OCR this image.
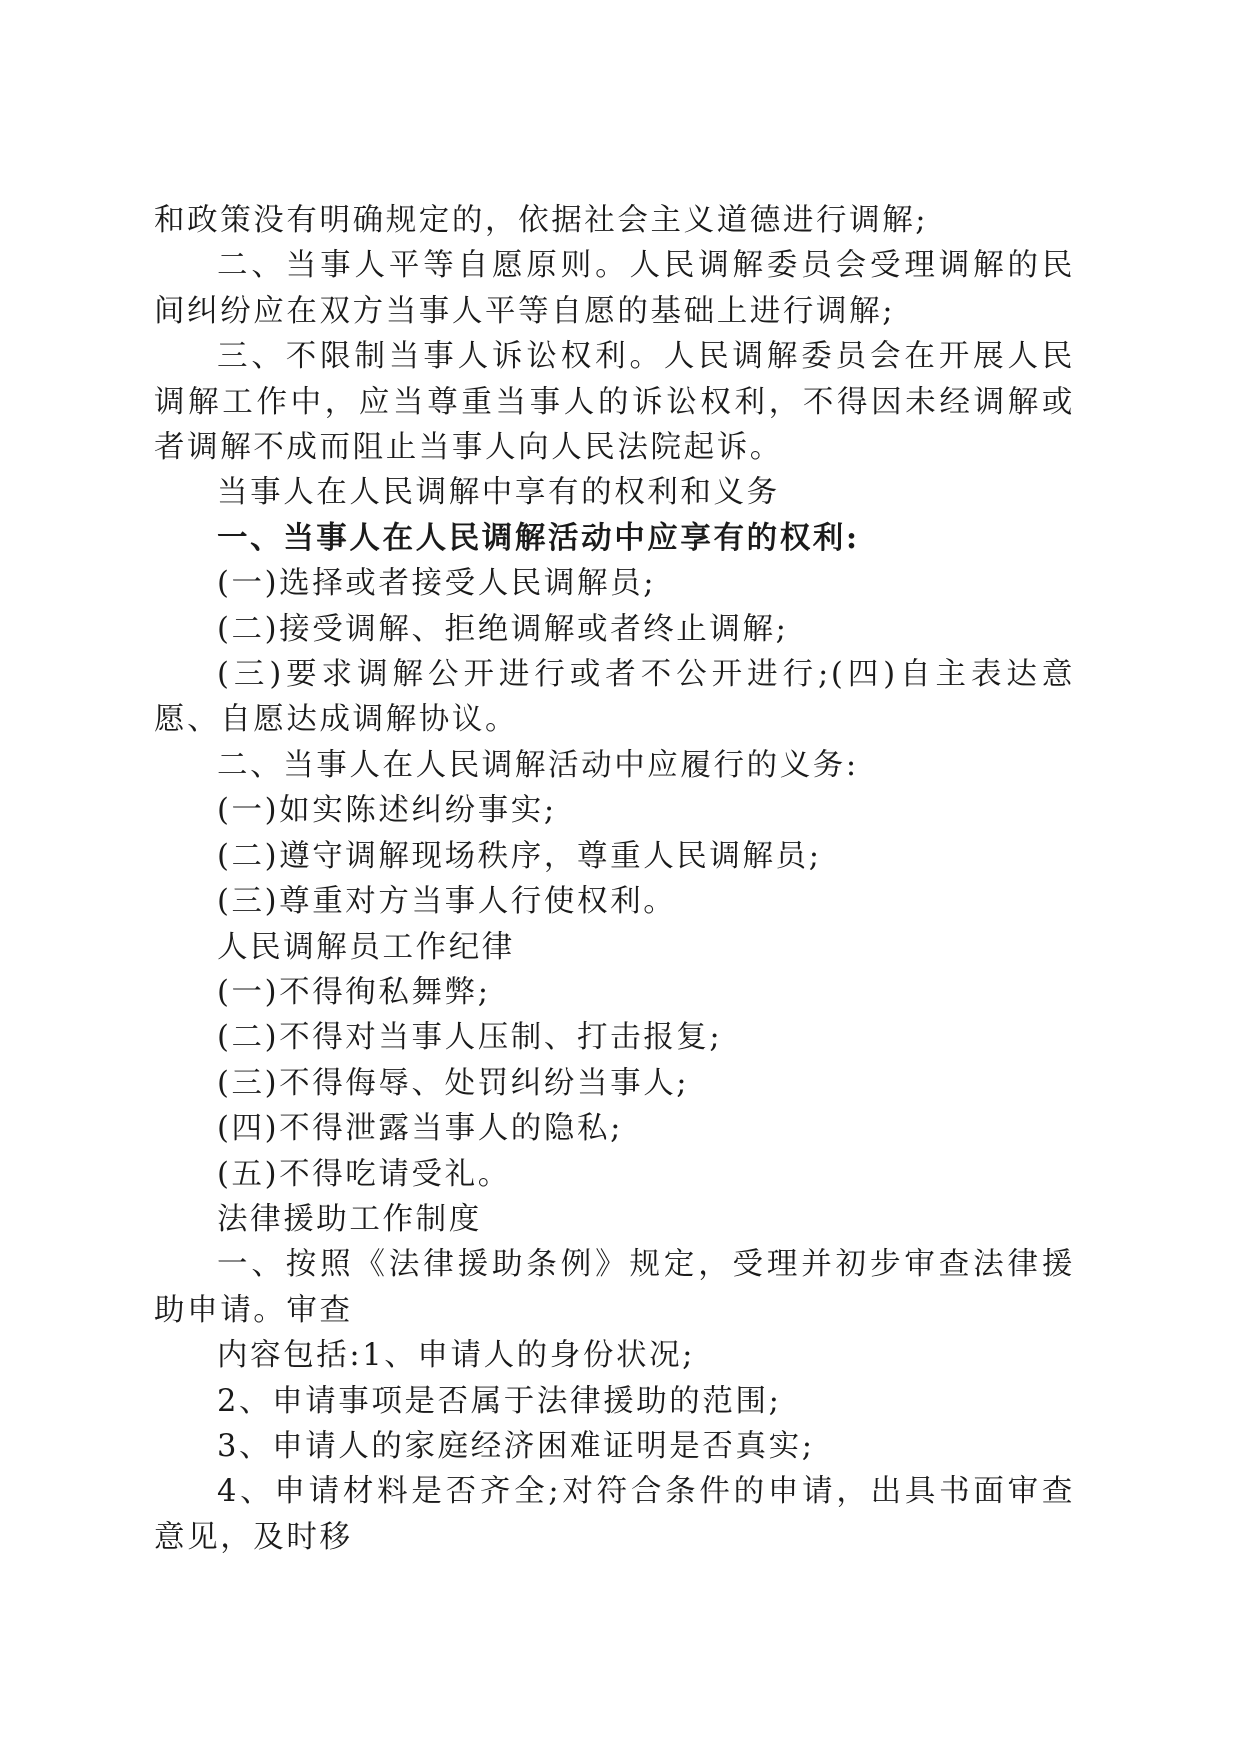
和政策没有明确规定的，依据社会主义道德进行调解;

二、当事人平等自愿原则。人民调解委员会受理调解的民间纠纷应在双方当事人平等自愿的基础上进行调解;

三、不限制当事人诉讼权利。人民调解委员会在开展人民调解工作中，应当尊重当事人的诉讼权利，不得因未经调解或者调解不成而阻止当事人向人民法院起诉。

当事人在人民调解中享有的权利和义务

一、当事人在人民调解活动中应享有的权利:

(一)选择或者接受人民调解员;

(二)接受调解、拒绝调解或者终止调解;

(三)要求调解公开进行或者不公开进行;(四)自主表达意愿、自愿达成调解协议。

二、当事人在人民调解活动中应履行的义务:

(一)如实陈述纠纷事实;

(二)遵守调解现场秩序，尊重人民调解员;

(三)尊重对方当事人行使权利。

人民调解员工作纪律

(一)不得徇私舞弊;

(二)不得对当事人压制、打击报复;

(三)不得侮辱、处罚纠纷当事人;

(四)不得泄露当事人的隐私;

(五)不得吃请受礼。

法律援助工作制度

一、按照《法律援助条例》规定，受理并初步审查法律援助申请。审查

内容包括:1、申请人的身份状况;

2、申请事项是否属于法律援助的范围;

3、申请人的家庭经济困难证明是否真实;

4、申请材料是否齐全;对符合条件的申请，出具书面审查意见，及时移
